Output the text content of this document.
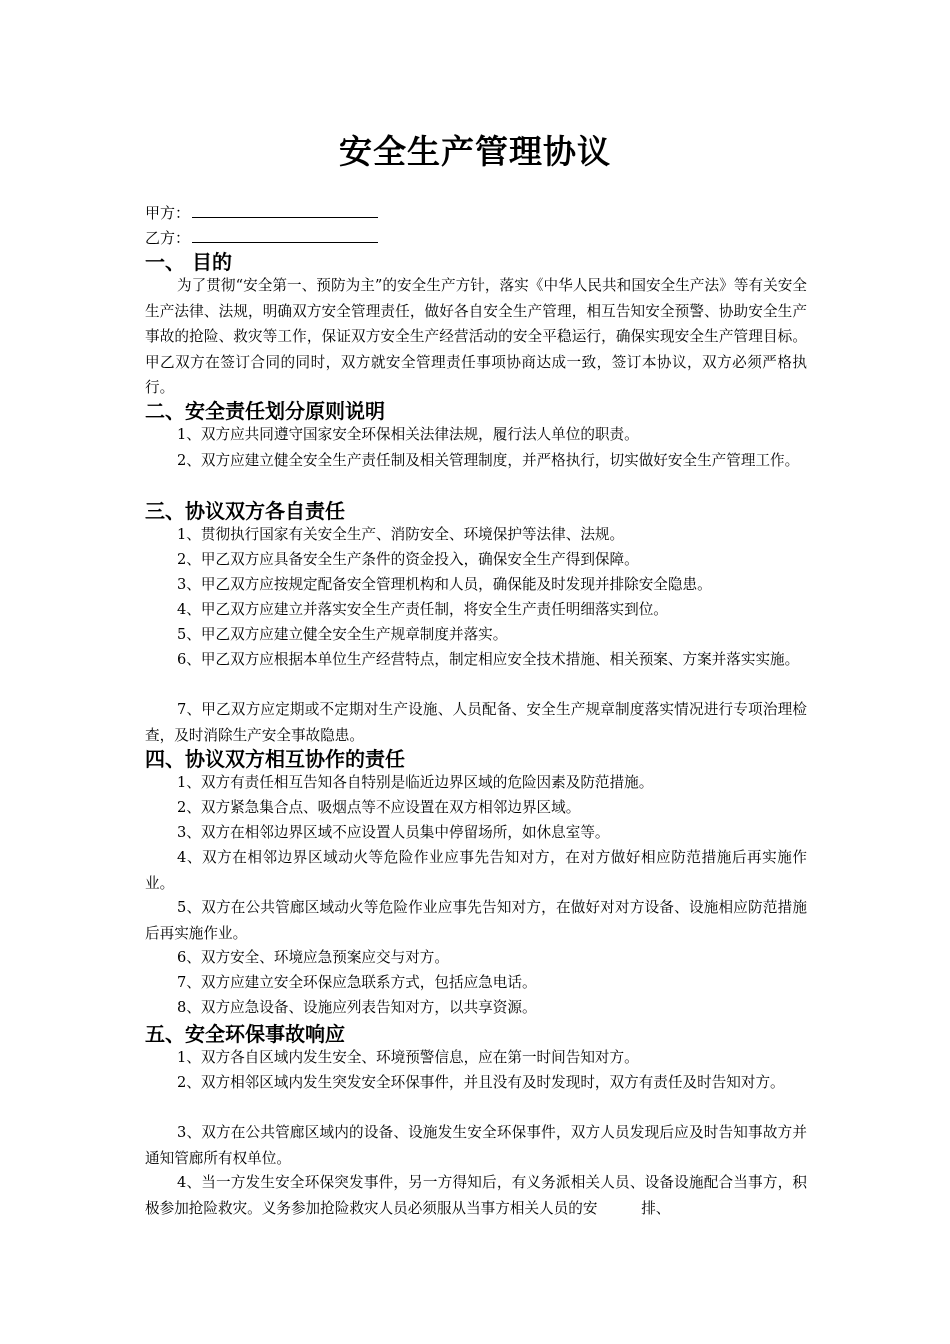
安全生产管理协议
甲方：
乙方：
一、 目的
为了贯彻“安全第一、预防为主”的安全生产方针，落实《中华人民共和国安全生产法》等有关安全生产法律、法规，明确双方安全管理责任，做好各自安全生产管理，相互告知安全预警、协助安全生产事故的抢险、救灾等工作，保证双方安全生产经营活动的安全平稳运行，确保实现安全生产管理目标。甲乙双方在签订合同的同时，双方就安全管理责任事项协商达成一致，签订本协议，双方必须严格执行。
二、安全责任划分原则说明
1、双方应共同遵守国家安全环保相关法律法规，履行法人单位的职责。
2、双方应建立健全安全生产责任制及相关管理制度，并严格执行，切实做好安全生产管理工作。
三、协议双方各自责任
1、贯彻执行国家有关安全生产、消防安全、环境保护等法律、法规。
2、甲乙双方应具备安全生产条件的资金投入，确保安全生产得到保障。
3、甲乙双方应按规定配备安全管理机构和人员，确保能及时发现并排除安全隐患。
4、甲乙双方应建立并落实安全生产责任制，将安全生产责任明细落实到位。
5、甲乙双方应建立健全安全生产规章制度并落实。
6、甲乙双方应根据本单位生产经营特点，制定相应安全技术措施、相关预案、方案并落实实施。
7、甲乙双方应定期或不定期对生产设施、人员配备、安全生产规章制度落实情况进行专项治理检查，及时消除生产安全事故隐患。
四、协议双方相互协作的责任
1、双方有责任相互告知各自特别是临近边界区域的危险因素及防范措施。
2、双方紧急集合点、吸烟点等不应设置在双方相邻边界区域。
3、双方在相邻边界区域不应设置人员集中停留场所，如休息室等。
4、双方在相邻边界区域动火等危险作业应事先告知对方，在对方做好相应防范措施后再实施作业。
5、双方在公共管廊区域动火等危险作业应事先告知对方，在做好对对方设备、设施相应防范措施后再实施作业。
6、双方安全、环境应急预案应交与对方。
7、双方应建立安全环保应急联系方式，包括应急电话。
8、双方应急设备、设施应列表告知对方，以共享资源。
五、安全环保事故响应
1、双方各自区域内发生安全、环境预警信息，应在第一时间告知对方。
2、双方相邻区域内发生突发安全环保事件，并且没有及时发现时，双方有责任及时告知对方。
3、双方在公共管廊区域内的设备、设施发生安全环保事件，双方人员发现后应及时告知事故方并通知管廊所有权单位。
4、当一方发生安全环保突发事件，另一方得知后，有义务派相关人员、设备设施配合当事方，积极参加抢险救灾。义务参加抢险救灾人员必须服从当事方相关人员的安　　　排、
